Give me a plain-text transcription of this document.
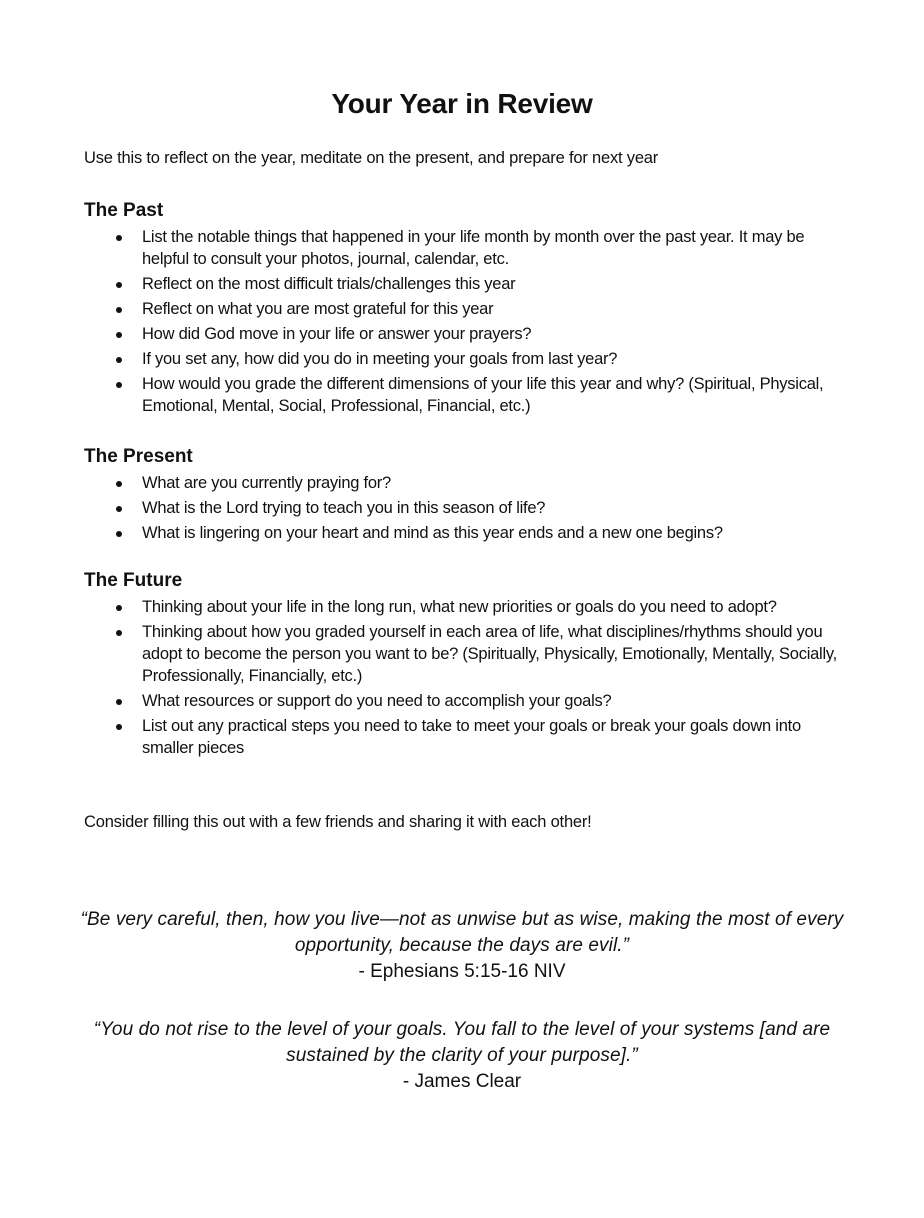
Your Year in Review
Use this to reflect on the year, meditate on the present, and prepare for next year
The Past
List the notable things that happened in your life month by month over the past year. It may be helpful to consult your photos, journal, calendar, etc.
Reflect on the most difficult trials/challenges this year
Reflect on what you are most grateful for this year
How did God move in your life or answer your prayers?
If you set any, how did you do in meeting your goals from last year?
How would you grade the different dimensions of your life this year and why? (Spiritual, Physical, Emotional, Mental, Social, Professional, Financial, etc.)
The Present
What are you currently praying for?
What is the Lord trying to teach you in this season of life?
What is lingering on your heart and mind as this year ends and a new one begins?
The Future
Thinking about your life in the long run, what new priorities or goals do you need to adopt?
Thinking about how you graded yourself in each area of life, what disciplines/rhythms should you adopt to become the person you want to be? (Spiritually, Physically, Emotionally, Mentally, Socially, Professionally, Financially, etc.)
What resources or support do you need to accomplish your goals?
List out any practical steps you need to take to meet your goals or break your goals down into smaller pieces
Consider filling this out with a few friends and sharing it with each other!
“Be very careful, then, how you live—not as unwise but as wise, making the most of every opportunity, because the days are evil.”
- Ephesians 5:15-16 NIV
“You do not rise to the level of your goals. You fall to the level of your systems [and are sustained by the clarity of your purpose].”
- James Clear
